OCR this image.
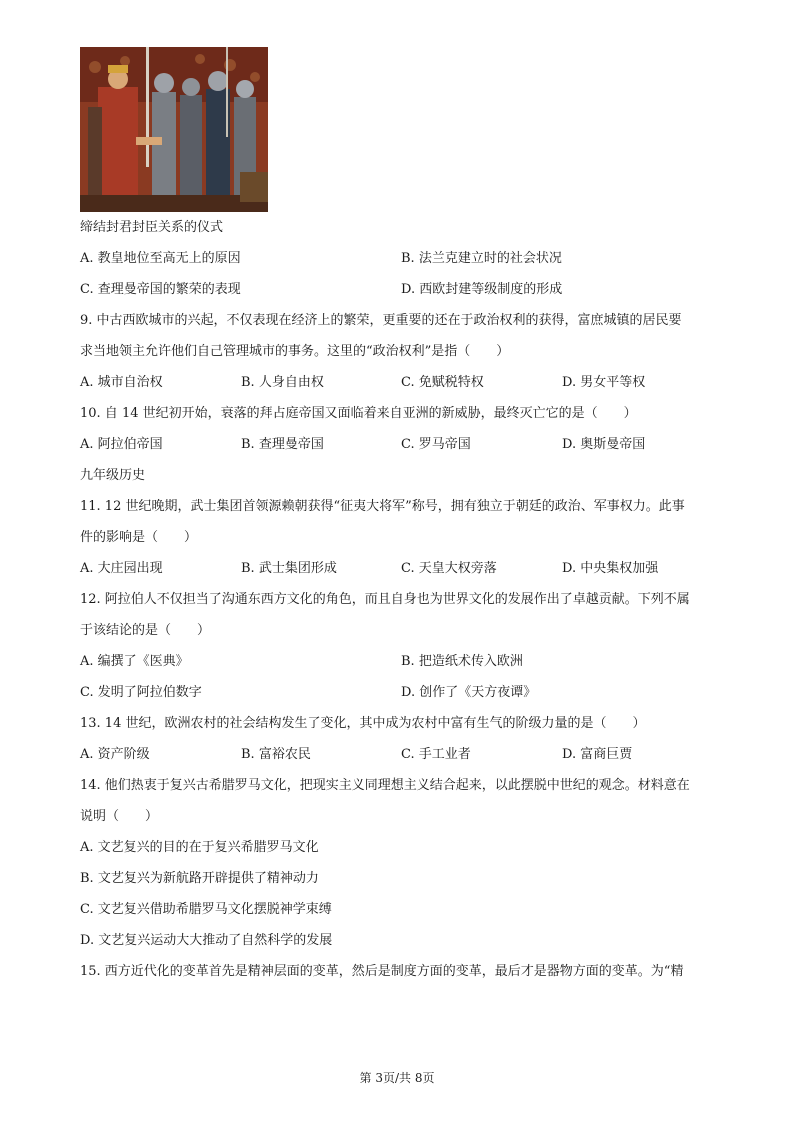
缔结封君封臣关系的仪式
A. 教皇地位至高无上的原因	B. 法兰克建立时的社会状况
C. 查理曼帝国的繁荣的表现	D. 西欧封建等级制度的形成
9. 中古西欧城市的兴起，不仅表现在经济上的繁荣，更重要的还在于政治权利的获得，富庶城镇的居民要
求当地领主允许他们自己管理城市的事务。这里的“政治权利”是指（　　）
A. 城市自治权	B. 人身自由权	C. 免赋税特权	D. 男女平等权
10. 自 14 世纪初开始，衰落的拜占庭帝国又面临着来自亚洲的新威胁，最终灭亡它的是（　　）
A. 阿拉伯帝国	B. 查理曼帝国	C. 罗马帝国	D. 奥斯曼帝国
九年级历史
11. 12 世纪晚期，武士集团首领源赖朝获得“征夷大将军”称号，拥有独立于朝廷的政治、军事权力。此事
件的影响是（　　）
A. 大庄园出现	B. 武士集团形成	C. 天皇大权旁落	D. 中央集权加强
12. 阿拉伯人不仅担当了沟通东西方文化的角色，而且自身也为世界文化的发展作出了卓越贡献。下列不属
于该结论的是（　　）
A. 编撰了《医典》	B. 把造纸术传入欧洲
C. 发明了阿拉伯数字	D. 创作了《天方夜谭》
13. 14 世纪，欧洲农村的社会结构发生了变化，其中成为农村中富有生气的阶级力量的是（　　）
A. 资产阶级	B. 富裕农民	C. 手工业者	D. 富商巨贾
14. 他们热衷于复兴古希腊罗马文化，把现实主义同理想主义结合起来，以此摆脱中世纪的观念。材料意在
说明（　　）
A. 文艺复兴的目的在于复兴希腊罗马文化
B. 文艺复兴为新航路开辟提供了精神动力
C. 文艺复兴借助希腊罗马文化摆脱神学束缚
D. 文艺复兴运动大大推动了自然科学的发展
15. 西方近代化的变革首先是精神层面的变革，然后是制度方面的变革，最后才是器物方面的变革。为“精
第 3页/共 8页
